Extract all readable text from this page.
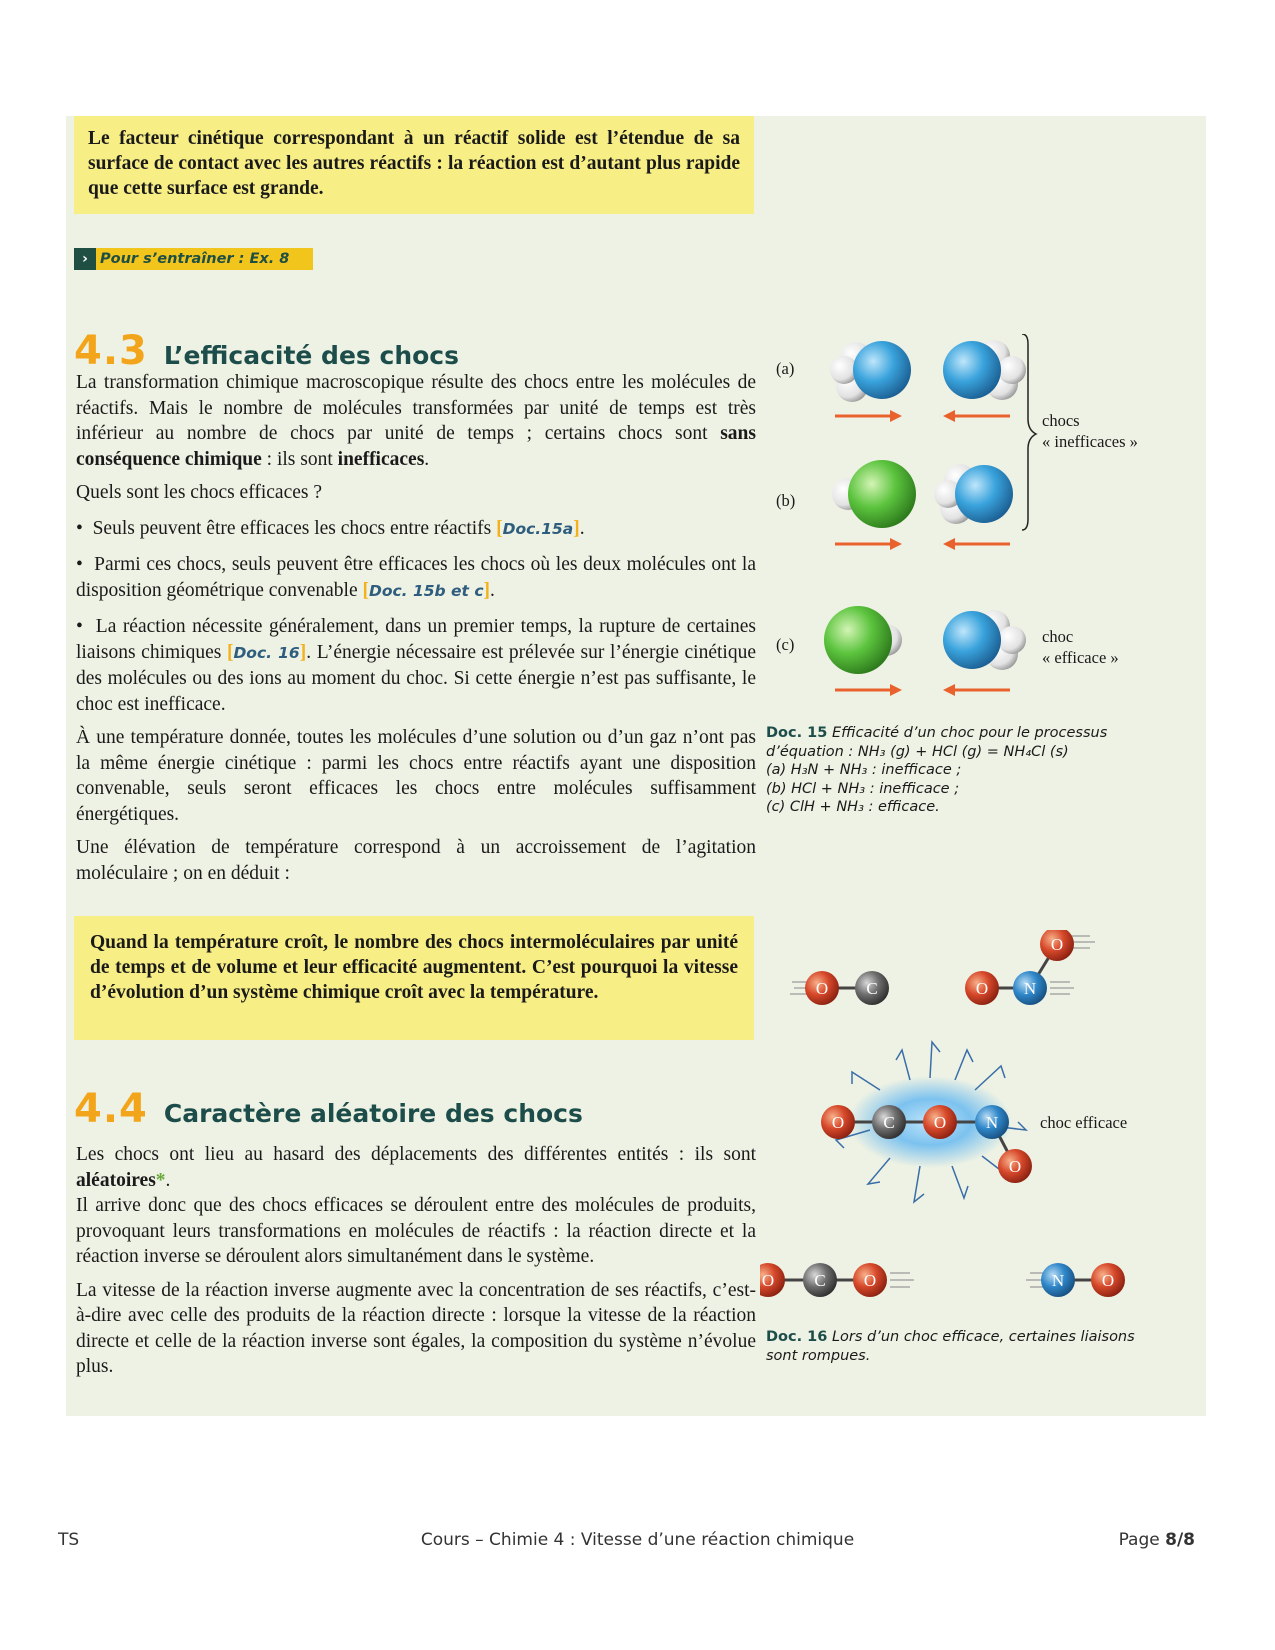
Le facteur cinétique correspondant à un réactif solide est l’étendue de sa surface de contact avec les autres réactifs : la réaction est d’autant plus rapide que cette surface est grande.

› Pour s’entraîner : Ex. 8
4.3 L’efficacité des chocs

La transformation chimique macroscopique résulte des chocs entre les molécules de réactifs. Mais le nombre de molécules transformées par unité de temps est très inférieur au nombre de chocs par unité de temps ; certains chocs sont sans conséquence chimique : ils sont inefficaces.

Quels sont les chocs efficaces ?

•  Seuls peuvent être efficaces les chocs entre réactifs [Doc.15a].

•  Parmi ces chocs, seuls peuvent être efficaces les chocs où les deux molécules ont la disposition géométrique convenable [Doc. 15b et c].

•  La réaction nécessite généralement, dans un premier temps, la rupture de certaines liaisons chimiques [Doc. 16]. L’énergie nécessaire est prélevée sur l’énergie cinétique des molécules ou des ions au moment du choc. Si cette énergie n’est pas suffisante, le choc est inefficace.

À une température donnée, toutes les molécules d’une solution ou d’un gaz n’ont pas la même énergie cinétique : parmi les chocs entre réactifs ayant une disposition convenable, seuls seront efficaces les chocs entre molécules suffisamment énergétiques.

Une élévation de température correspond à un accroissement de l’agitation moléculaire ; on en déduit :

Quand la température croît, le nombre des chocs intermoléculaires par unité de temps et de volume et leur efficacité augmentent. C’est pourquoi la vitesse d’évolution d’un système chimique croît avec la température.

4.4 Caractère aléatoire des chocs

Les chocs ont lieu au hasard des déplacements des différentes entités : ils sont aléatoires*.

Il arrive donc que des chocs efficaces se déroulent entre des molécules de produits, provoquant leurs transformations en molécules de réactifs : la réaction directe et la réaction inverse se déroulent alors simultanément dans le système.

La vitesse de la réaction inverse augmente avec la concentration de ses réactifs, c’est-à-dire avec celle des produits de la réaction directe : lorsque la vitesse de la réaction directe et celle de la réaction inverse sont égales, la composition du système n’évolue plus.

(a)
(b)
(c)
chocs
« inefficaces »
choc
« efficace »
Doc. 15 Efficacité d’un choc pour le processus d’équation : NH₃ (g) + HCl (g) = NH₄Cl (s)
(a) H₃N + NH₃ : inefficace ;
(b) HCl + NH₃ : inefficace ;
(c) ClH + NH₃ : efficace.
O C	O N
O
O C O N
O
O C O	N O
choc efficace
Doc. 16 Lors d’un choc efficace, certaines liaisons sont rompues.
TS	Cours – Chimie 4 : Vitesse d’une réaction chimique	Page 8/8
